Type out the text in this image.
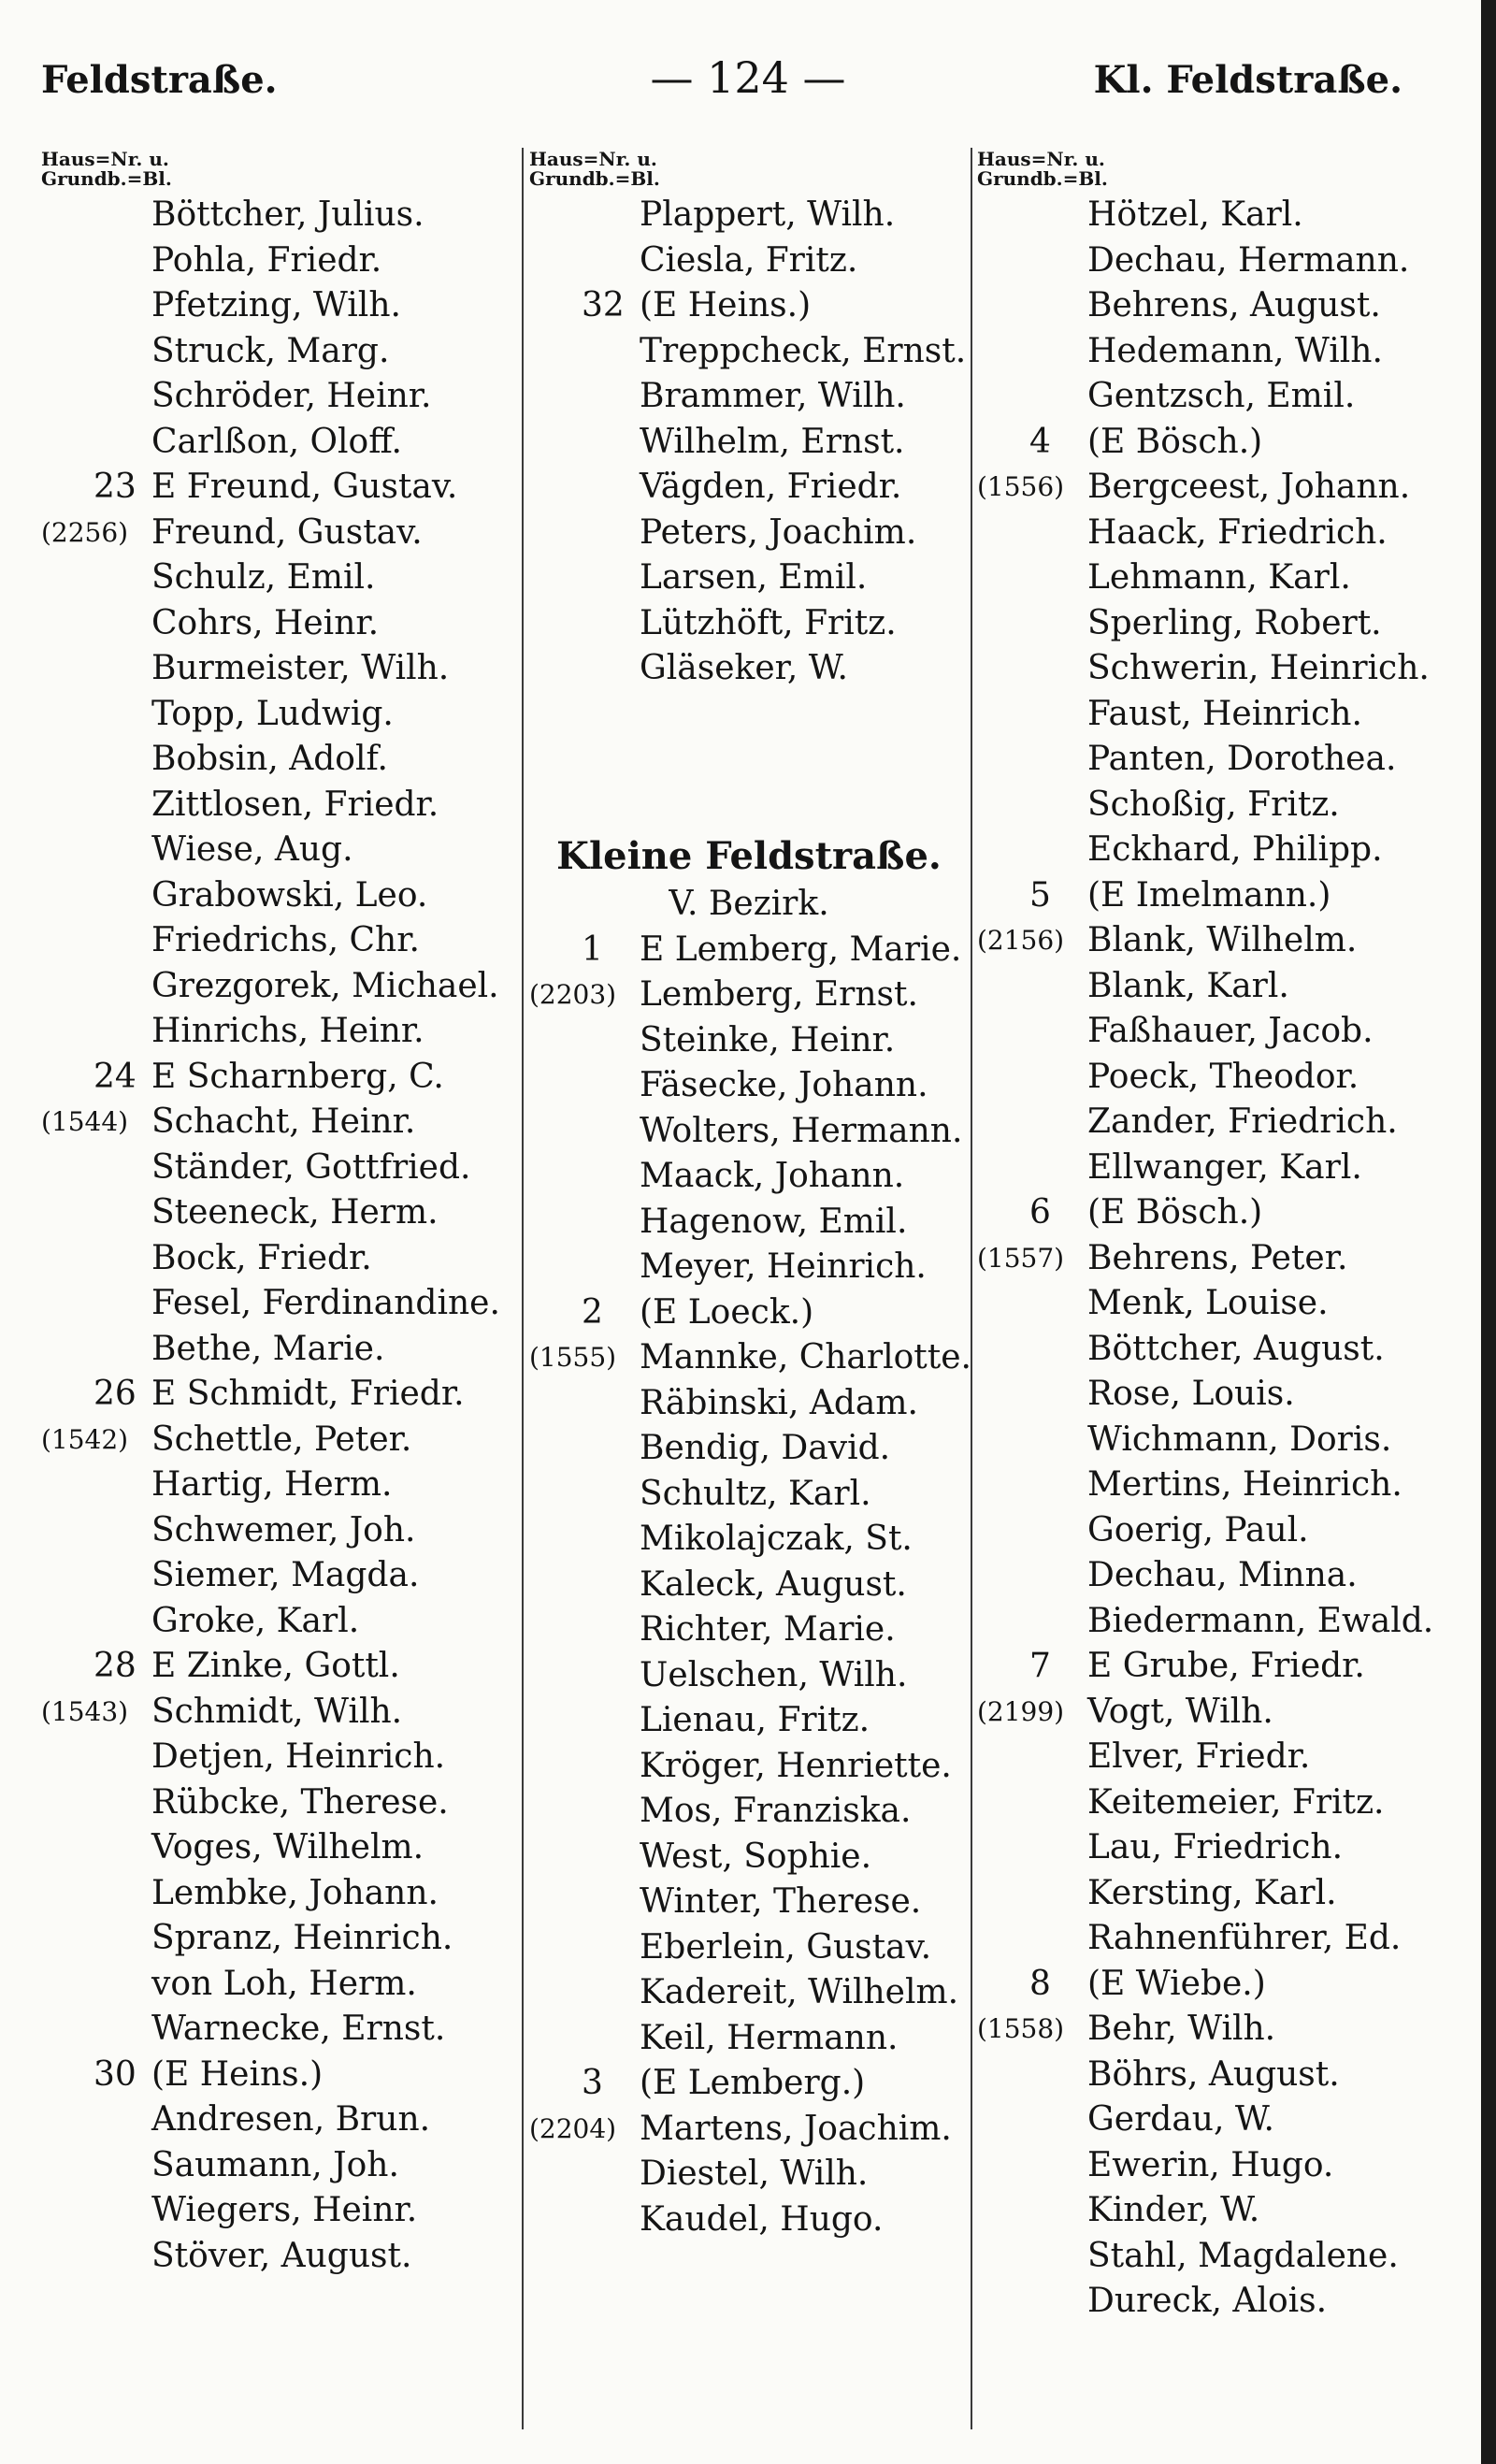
Feldstraße.	— 124 —	Kl. Feldstraße.
Haus=Nr. u.
Grundb.=Bl.
Böttcher, Julius.
Pohla, Friedr.
Pfetzing, Wilh.
Struck, Marg.
Schröder, Heinr.
Carlßon, Oloff.
23 E Freund, Gustav.
(2256) Freund, Gustav.
Schulz, Emil.
Cohrs, Heinr.
Burmeister, Wilh.
Topp, Ludwig.
Bobsin, Adolf.
Zittlosen, Friedr.
Wiese, Aug.
Grabowski, Leo.
Friedrichs, Chr.
Grezgorek, Michael.
Hinrichs, Heinr.
24 E Scharnberg, C.
(1544) Schacht, Heinr.
Ständer, Gottfried.
Steeneck, Herm.
Bock, Friedr.
Fesel, Ferdinandine.
Bethe, Marie.
26 E Schmidt, Friedr.
(1542) Schettle, Peter.
Hartig, Herm.
Schwemer, Joh.
Siemer, Magda.
Groke, Karl.
28 E Zinke, Gottl.
(1543) Schmidt, Wilh.
Detjen, Heinrich.
Rübcke, Therese.
Voges, Wilhelm.
Lembke, Johann.
Spranz, Heinrich.
von Loh, Herm.
Warnecke, Ernst.
30 (E Heins.)
Andresen, Brun.
Saumann, Joh.
Wiegers, Heinr.
Stöver, August.
Haus=Nr. u.
Grundb.=Bl.
Plappert, Wilh.
Ciesla, Fritz.
32 (E Heins.)
Treppcheck, Ernst.
Brammer, Wilh.
Wilhelm, Ernst.
Vägden, Friedr.
Peters, Joachim.
Larsen, Emil.
Lützhöft, Fritz.
Gläseker, W.
Kleine Feldstraße.
V. Bezirk.
1	E Lemberg, Marie.
(2203) Lemberg, Ernst.
Steinke, Heinr.
Fäsecke, Johann.
Wolters, Hermann.
Maack, Johann.
Hagenow, Emil.
Meyer, Heinrich.
2	(E Loeck.)
(1555) Mannke, Charlotte.
Räbinski, Adam.
Bendig, David.
Schultz, Karl.
Mikolajczak, St.
Kaleck, August.
Richter, Marie.
Uelschen, Wilh.
Lienau, Fritz.
Kröger, Henriette.
Mos, Franziska.
West, Sophie.
Winter, Therese.
Eberlein, Gustav.
Kadereit, Wilhelm.
Keil, Hermann.
3	(E Lemberg.)
(2204) Martens, Joachim.
Diestel, Wilh.
Kaudel, Hugo.
Haus=Nr. u.
Grundb.=Bl.
Hötzel, Karl.
Dechau, Hermann.
Behrens, August.
Hedemann, Wilh.
Gentzsch, Emil.
4	(E Bösch.)
(1556) Bergceest, Johann.
Haack, Friedrich.
Lehmann, Karl.
Sperling, Robert.
Schwerin, Heinrich.
Faust, Heinrich.
Panten, Dorothea.
Schoßig, Fritz.
Eckhard, Philipp.
5	(E Imelmann.)
(2156) Blank, Wilhelm.
Blank, Karl.
Faßhauer, Jacob.
Poeck, Theodor.
Zander, Friedrich.
Ellwanger, Karl.
6	(E Bösch.)
(1557) Behrens, Peter.
Menk, Louise.
Böttcher, August.
Rose, Louis.
Wichmann, Doris.
Mertins, Heinrich.
Goerig, Paul.
Dechau, Minna.
Biedermann, Ewald.
7	E Grube, Friedr.
(2199) Vogt, Wilh.
Elver, Friedr.
Keitemeier, Fritz.
Lau, Friedrich.
Kersting, Karl.
Rahnenführer, Ed.
8	(E Wiebe.)
(1558) Behr, Wilh.
Böhrs, August.
Gerdau, W.
Ewerin, Hugo.
Kinder, W.
Stahl, Magdalene.
Dureck, Alois.
